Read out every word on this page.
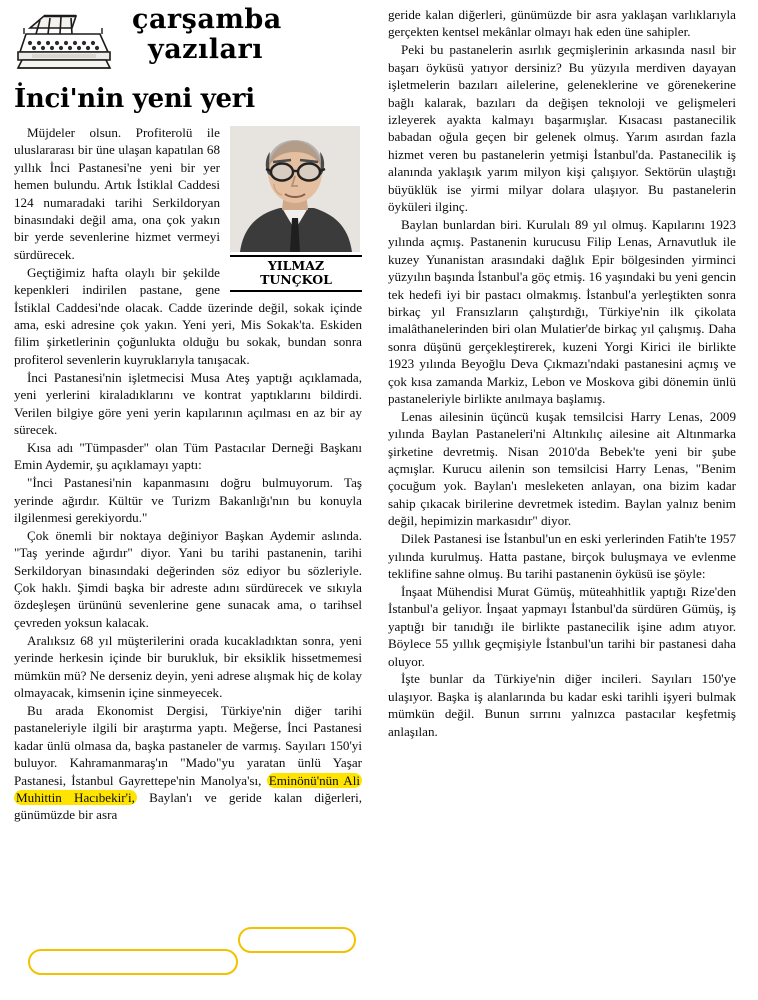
çarşamba
yazıları
İnci'nin yeni yeri
YILMAZ
TUNÇKOL

Müjdeler olsun. Profiterolü ile uluslararası bir üne ulaşan kapatılan 68 yıllık İnci Pastanesi'ne yeni bir yer hemen bulundu. Artık İstiklal Caddesi 124 numaradaki tarihi Serkildoryan binasındaki değil ama, ona çok yakın bir yerde sevenlerine hizmet vermeyi sürdürecek.

Geçtiğimiz hafta olaylı bir şekilde kepenkleri indirilen pastane, gene İstiklal Caddesi'nde olacak. Cadde üzerinde değil, sokak içinde ama, eski adresine çok yakın. Yeni yeri, Mis Sokak'ta. Eskiden filim şirketlerinin çoğunlukta olduğu bu sokak, bundan sonra profiterol sevenlerin kuyruklarıyla tanışacak.

İnci Pastanesi'nin işletmecisi Musa Ateş yaptığı açıklamada, yeni yerlerini kiraladıklarını ve kontrat yaptıklarını bildirdi. Verilen bilgiye göre yeni yerin kapılarının açılması en az bir ay sürecek.

Kısa adı "Tümpasder" olan Tüm Pastacılar Derneği Başkanı Emin Aydemir, şu açıklamayı yaptı:

"İnci Pastanesi'nin kapanmasını doğru bulmuyorum. Taş yerinde ağırdır. Kültür ve Turizm Bakanlığı'nın bu konuyla ilgilenmesi gerekiyordu."

Çok önemli bir noktaya değiniyor Başkan Aydemir aslında. "Taş yerinde ağırdır" diyor. Yani bu tarihi pastanenin, tarihi Serkildoryan binasındaki değerinden söz ediyor bu sözleriyle. Çok haklı. Şimdi başka bir adreste adını sürdürecek ve sıkıyla özdeşleşen ürününü sevenlerine gene sunacak ama, o tarihsel çevreden yoksun kalacak.

Aralıksız 68 yıl müşterilerini orada kucakladıktan sonra, yeni yerinde herkesin içinde bir burukluk, bir eksiklik hissetmemesi mümkün mü? Ne derseniz deyin, yeni adrese alışmak hiç de kolay olmayacak, kimsenin içine sinmeyecek.

Bu arada Ekonomist Dergisi, Türkiye'nin diğer tarihi pastaneleriyle ilgili bir araştırma yaptı. Meğerse, İnci Pastanesi kadar ünlü olmasa da, başka pastaneler de varmış. Sayıları 150'yi buluyor. Kahramanmaraş'ın "Mado"yu yaratan ünlü Yaşar Pastanesi, İstanbul Gayrettepe'nin Manolya'sı, Eminönü'nün Ali Muhittin Hacıbekir'i, Baylan'ı ve geride kalan diğerleri, günümüzde bir asra

geride kalan diğerleri, günümüzde bir asra yaklaşan varlıklarıyla gerçekten kentsel mekânlar olmayı hak eden üne sahipler.

Peki bu pastanelerin asırlık geçmişlerinin arkasında nasıl bir başarı öyküsü yatıyor dersiniz? Bu yüzyıla merdiven dayayan işletmelerin bazıları ailelerine, geleneklerine ve görenekerine bağlı kalarak, bazıları da değişen teknoloji ve gelişmeleri izleyerek ayakta kalmayı başarmışlar. Kısacası pastanecilik babadan oğula geçen bir gelenek olmuş. Yarım asırdan fazla hizmet veren bu pastanelerin yetmişi İstanbul'da. Pastanecilik iş alanında yaklaşık yarım milyon kişi çalışıyor. Sektörün ulaştığı büyüklük ise yirmi milyar dolara ulaşıyor. Bu pastanelerin öyküleri ilginç.

Baylan bunlardan biri. Kurulalı 89 yıl olmuş. Kapılarını 1923 yılında açmış. Pastanenin kurucusu Filip Lenas, Arnavutluk ile kuzey Yunanistan arasındaki dağlık Epir bölgesinden yirminci yüzyılın başında İstanbul'a göç etmiş. 16 yaşındaki bu yeni gencin tek hedefi iyi bir pastacı olmakmış. İstanbul'a yerleştikten sonra birkaç yıl Fransızların çalıştırdığı, Türkiye'nin ilk çikolata imalâthanelerinden biri olan Mulatier'de birkaç yıl çalışmış. Daha sonra düşünü gerçekleştirerek, kuzeni Yorgi Kirici ile birlikte 1923 yılında Beyoğlu Deva Çıkmazı'ndaki pastanesini açmış ve çok kısa zamanda Markiz, Lebon ve Moskova gibi dönemin ünlü pastaneleriyle birlikte anılmaya başlamış.

Lenas ailesinin üçüncü kuşak temsilcisi Harry Lenas, 2009 yılında Baylan Pastaneleri'ni Altınkılıç ailesine ait Altınmarka şirketine devretmiş. Nisan 2010'da Bebek'te yeni bir şube açmışlar. Kurucu ailenin son temsilcisi Harry Lenas, "Benim çocuğum yok. Baylan'ı mesleketen anlayan, ona bizim kadar sahip çıkacak birilerine devretmek istedim. Baylan yalnız benim değil, hepimizin markasıdır" diyor.

Dilek Pastanesi ise İstanbul'un en eski yerlerinden Fatih'te 1957 yılında kurulmuş. Hatta pastane, birçok buluşmaya ve evlenme teklifine sahne olmuş. Bu tarihi pastanenin öyküsü ise şöyle:

İnşaat Mühendisi Murat Gümüş, müteahhitlik yaptığı Rize'den İstanbul'a geliyor. İnşaat yapmayı İstanbul'da sürdüren Gümüş, iş yaptığı bir tanıdığı ile birlikte pastanecilik işine adım atıyor. Böylece 55 yıllık geçmişiyle İstanbul'un tarihi bir pastanesi daha oluyor.

İşte bunlar da Türkiye'nin diğer incileri. Sayıları 150'ye ulaşıyor. Başka iş alanlarında bu kadar eski tarihli işyeri bulmak mümkün değil. Bunun sırrını yalnızca pastacılar keşfetmiş anlaşılan.
